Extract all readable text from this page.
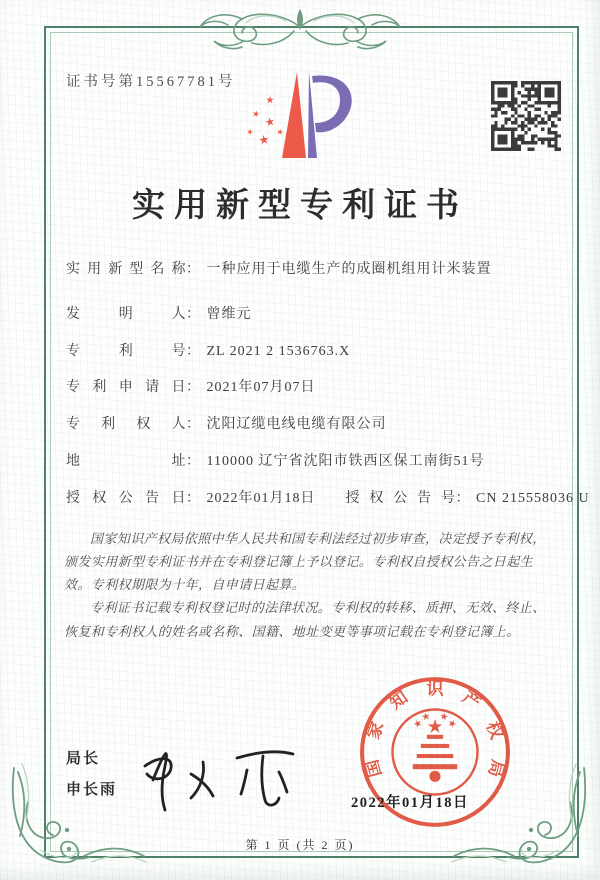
证书号第15567781号
实用新型专利证书
实用新型名称： 一种应用于电缆生产的成圈机组用计米装置
发明人： 曾维元
专利号： ZL 2021 2 1536763.X
专利申请日： 2021年07月07日
专利权人： 沈阳辽缆电线电缆有限公司
地址： 110000 辽宁省沈阳市铁西区保工南街51号
授权公告日： 2022年01月18日 授权公告号： CN 215558036 U

国家知识产权局依照中华人民共和国专利法经过初步审查，决定授予专利权，颁发实用新型专利证书并在专利登记簿上予以登记。专利权自授权公告之日起生效。专利权期限为十年，自申请日起算。

专利证书记载专利权登记时的法律状况。专利权的转移、质押、无效、终止、恢复和专利权人的姓名或名称、国籍、地址变更等事项记载在专利登记簿上。

局长
申长雨
国
家
知 识 产
权
局
2022年01月18日
第 1 页 (共 2 页)
